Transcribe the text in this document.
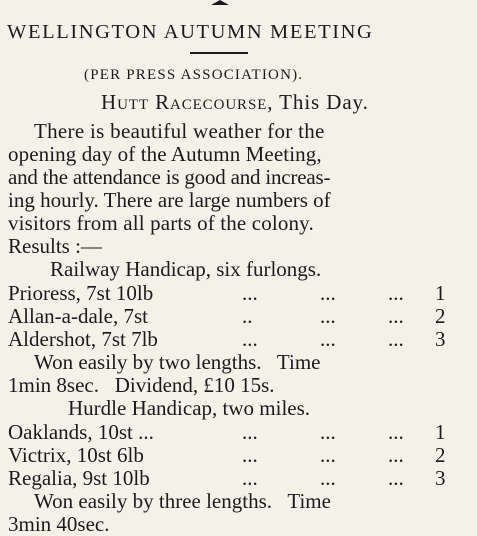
WELLINGTON AUTUMN MEETING
(PER PRESS ASSOCIATION).
Hutt Racecourse, This Day.
There is beautiful weather for the
opening day of the Autumn Meeting,
and the attendance is good and increas-
ing hourly. There are large numbers of
visitors from all parts of the colony.
Results :—
Railway Handicap, six furlongs.
Prioress, 7st 10lb	...	... ... 1
Allan-a-dale, 7st	..	... ... 2
Aldershot, 7st 7lb	...	... ... 3
Won easily by two lengths.   Time
1min 8sec.   Dividend, £10 15s.
Hurdle Handicap, two miles.
Oaklands, 10st ...	...	... ... 1
Victrix, 10st 6lb	...	... ... 2
Regalia, 9st 10lb	...	... ... 3
Won easily by three lengths.   Time
3min 40sec.
